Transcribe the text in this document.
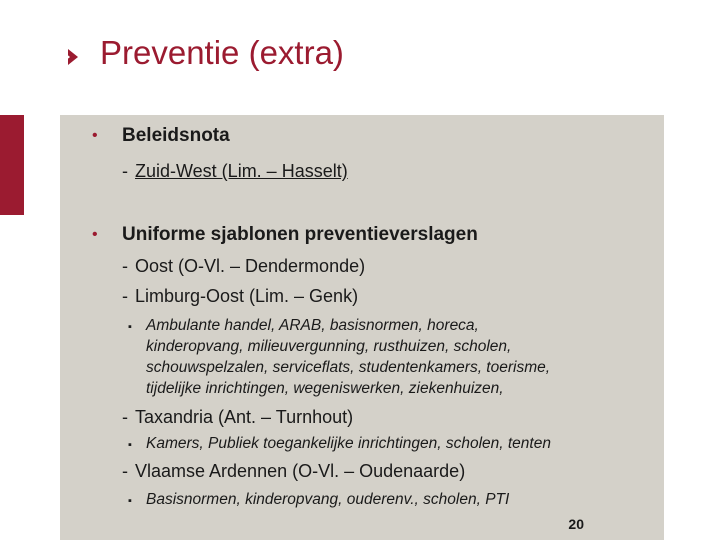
Preventie (extra)
• Beleidsnota
- Zuid-West (Lim. – Hasselt)
• Uniforme sjablonen preventieverslagen
- Oost (O-Vl. – Dendermonde)
- Limburg-Oost (Lim. – Genk)
▪ Ambulante handel, ARAB, basisnormen, horeca,
kinderopvang, milieuvergunning, rusthuizen, scholen,
schouwspelzalen, serviceflats, studentenkamers, toerisme,
tijdelijke inrichtingen, wegeniswerken, ziekenhuizen,
- Taxandria (Ant. – Turnhout)
▪ Kamers, Publiek toegankelijke inrichtingen, scholen, tenten
- Vlaamse Ardennen (O-Vl. – Oudenaarde)
▪ Basisnormen, kinderopvang, ouderenv., scholen, PTI
20
